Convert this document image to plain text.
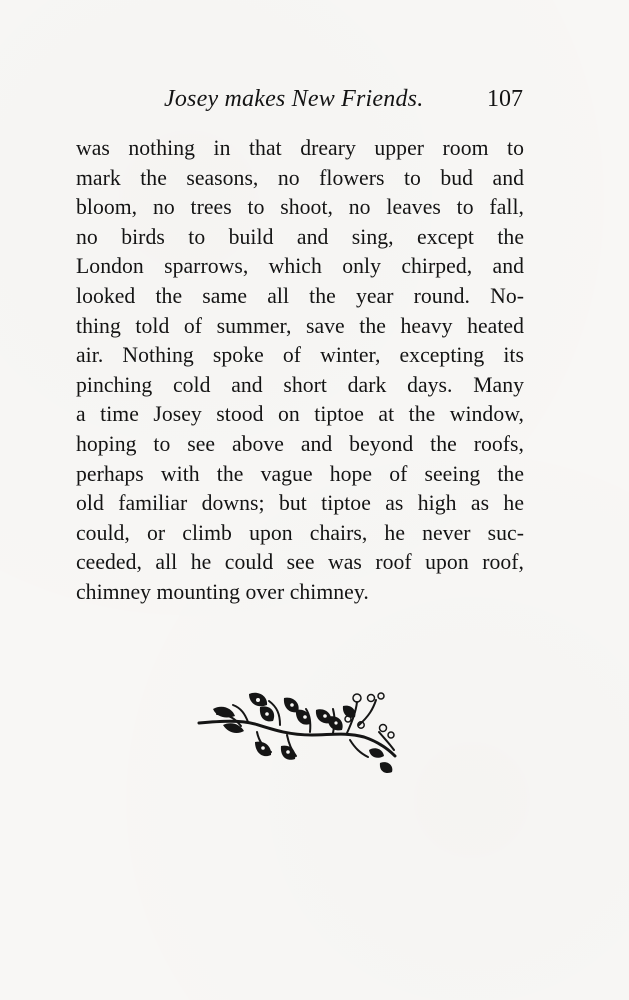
Josey makes New Friends.	107
was nothing in that dreary upper room to
mark the seasons, no flowers to bud and
bloom, no trees to shoot, no leaves to fall,
no birds to build and sing, except the
London sparrows, which only chirped, and
looked the same all the year round. No-
thing told of summer, save the heavy heated
air. Nothing spoke of winter, excepting its
pinching cold and short dark days. Many
a time Josey stood on tiptoe at the window,
hoping to see above and beyond the roofs,
perhaps with the vague hope of seeing the
old familiar downs; but tiptoe as high as he
could, or climb upon chairs, he never suc-
ceeded, all he could see was roof upon roof,
chimney mounting over chimney.
